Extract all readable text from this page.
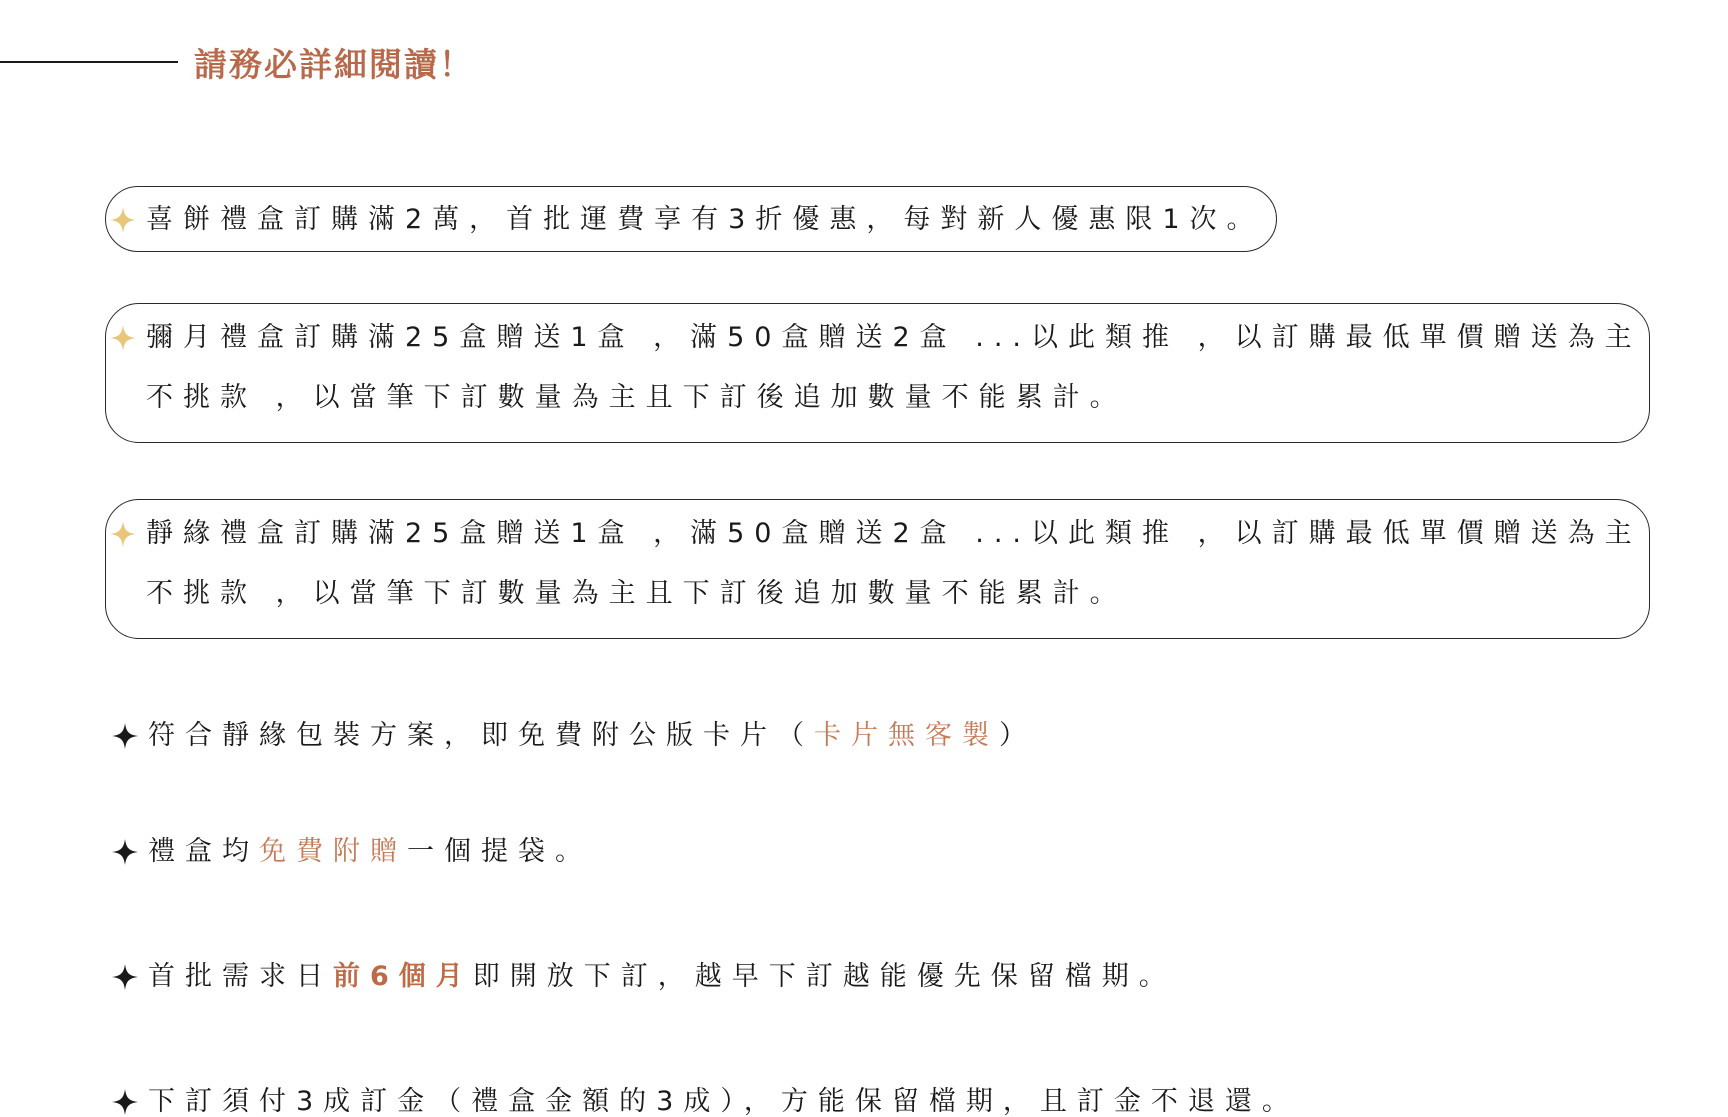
請務必詳細閱讀！
喜餅禮盒訂購滿2萬，首批運費享有3折優惠，每對新人優惠限1次。
彌月禮盒訂購滿25盒贈送1盒 ，滿50盒贈送2盒 ...以此類推 ，以訂購最低單價贈送為主
不挑款 ，以當筆下訂數量為主且下訂後追加數量不能累計。
靜緣禮盒訂購滿25盒贈送1盒 ，滿50盒贈送2盒 ...以此類推 ，以訂購最低單價贈送為主
不挑款 ，以當筆下訂數量為主且下訂後追加數量不能累計。
符合靜緣包裝方案，即免費附公版卡片（ 卡片無客製 ）
禮盒均 免費附贈 一個提袋。
首批需求日 前6個月 即開放下訂，越早下訂越能優先保留檔期。
下訂須付3成訂金（禮盒金額的3成），方能保留檔期，且訂金不退還。
